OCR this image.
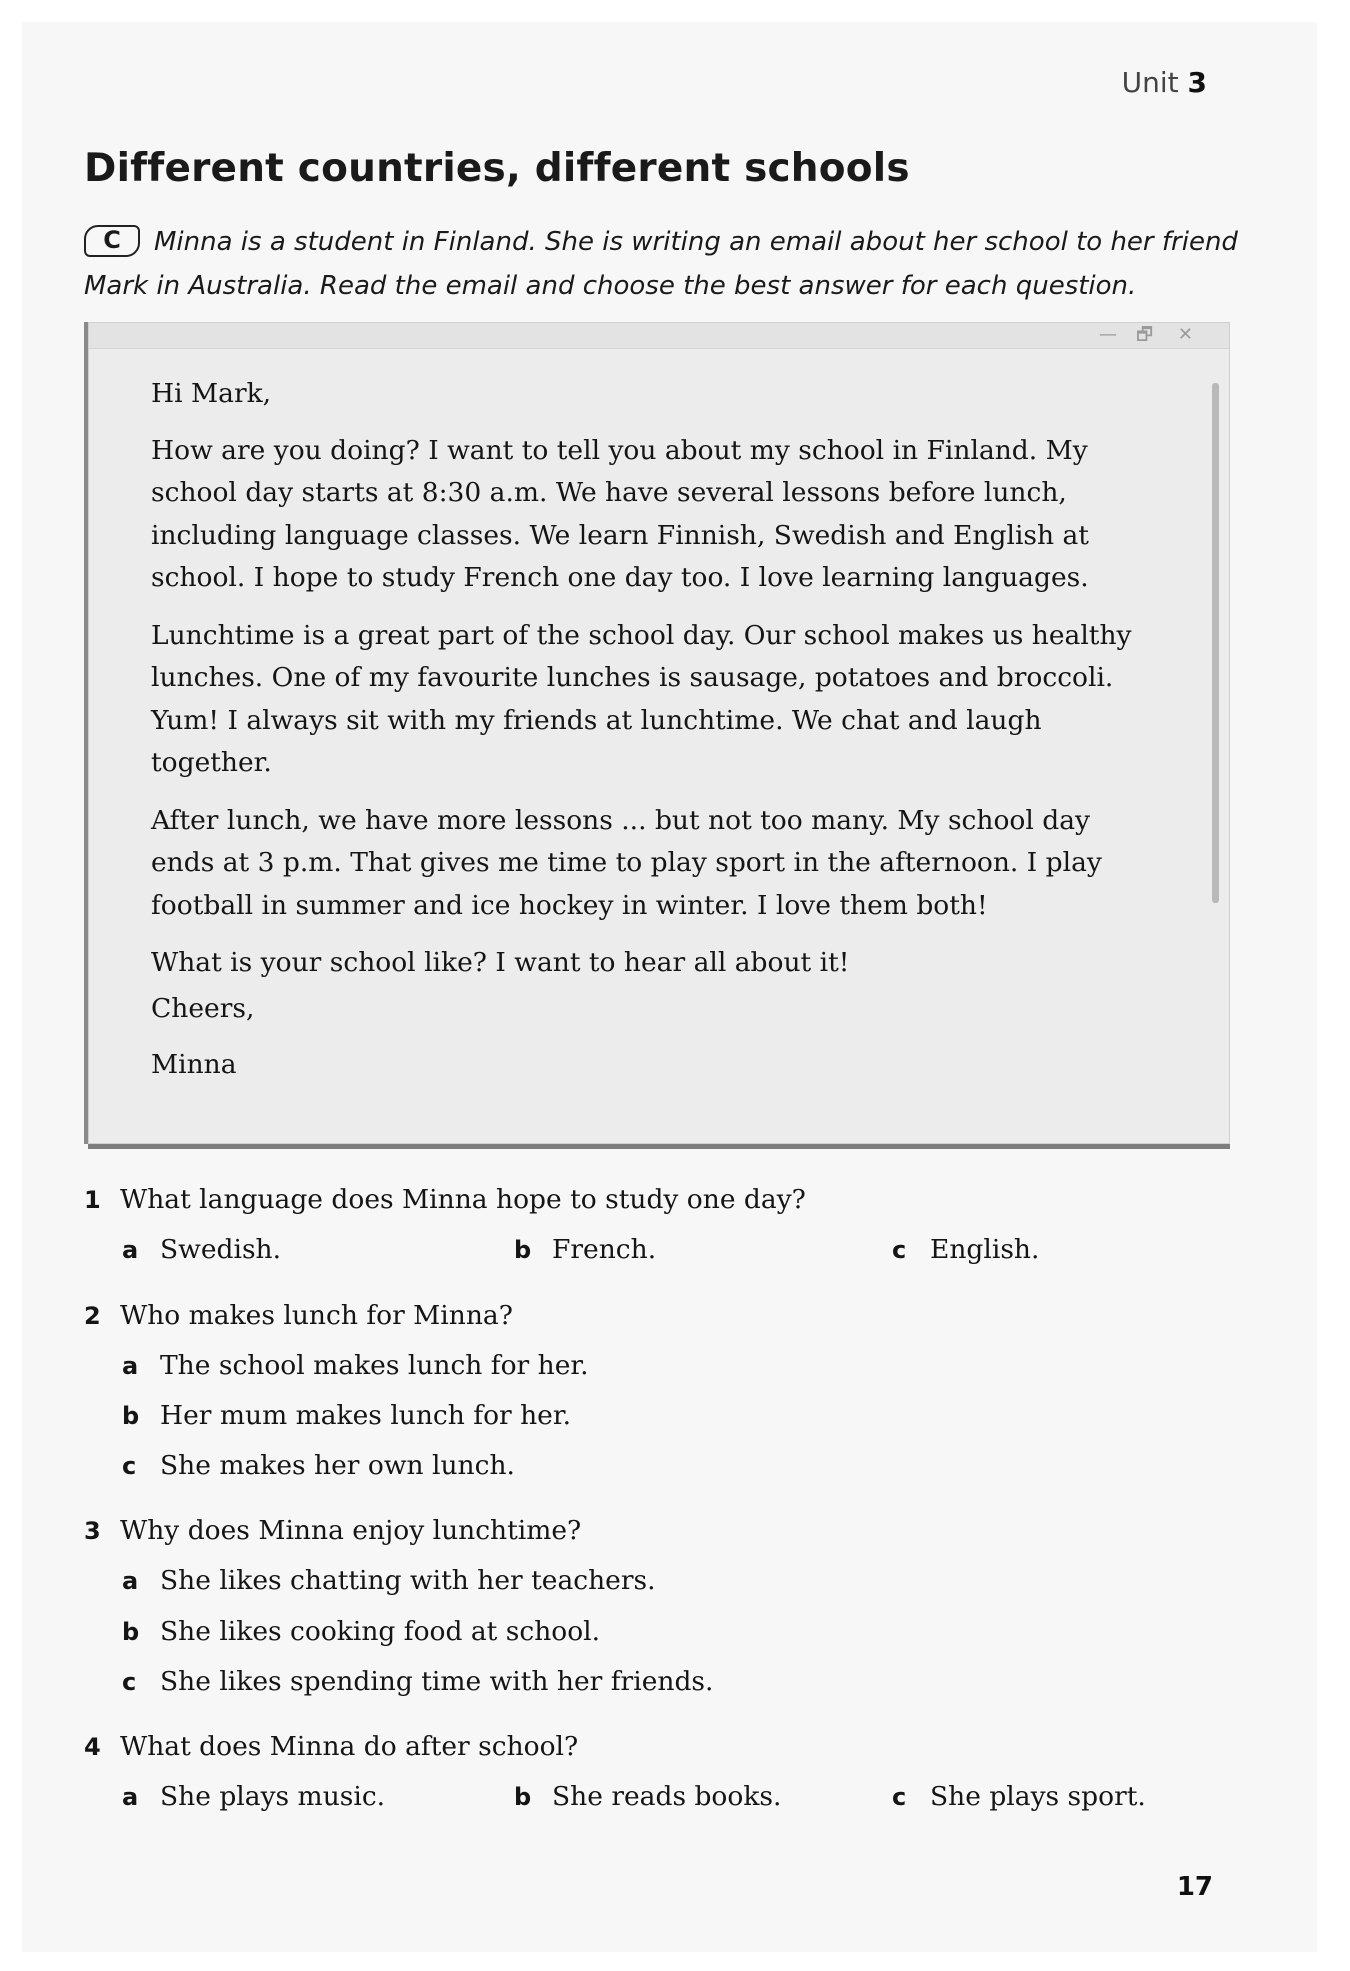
Unit 3
Different countries, different schools
C Minna is a student in Finland. She is writing an email about her school to her friend Mark in Australia. Read the email and choose the best answer for each question.
— 🗗 ✕

Hi Mark,

How are you doing? I want to tell you about my school in Finland. My school day starts at 8:30 a.m. We have several lessons before lunch, including language classes. We learn Finnish, Swedish and English at school. I hope to study French one day too. I love learning languages.

Lunchtime is a great part of the school day. Our school makes us healthy lunches. One of my favourite lunches is sausage, potatoes and broccoli. Yum! I always sit with my friends at lunchtime. We chat and laugh together.

After lunch, we have more lessons ... but not too many. My school day ends at 3 p.m. That gives me time to play sport in the afternoon. I play football in summer and ice hockey in winter. I love them both!

What is your school like? I want to hear all about it!

Cheers,

Minna

1 What language does Minna hope to study one day?
a Swedish.	b French.	c English.
2 Who makes lunch for Minna?
a The school makes lunch for her.
b Her mum makes lunch for her.
c She makes her own lunch.
3 Why does Minna enjoy lunchtime?
a She likes chatting with her teachers.
b She likes cooking food at school.
c She likes spending time with her friends.
4 What does Minna do after school?
a She plays music.	b She reads books.	c She plays sport.
17
